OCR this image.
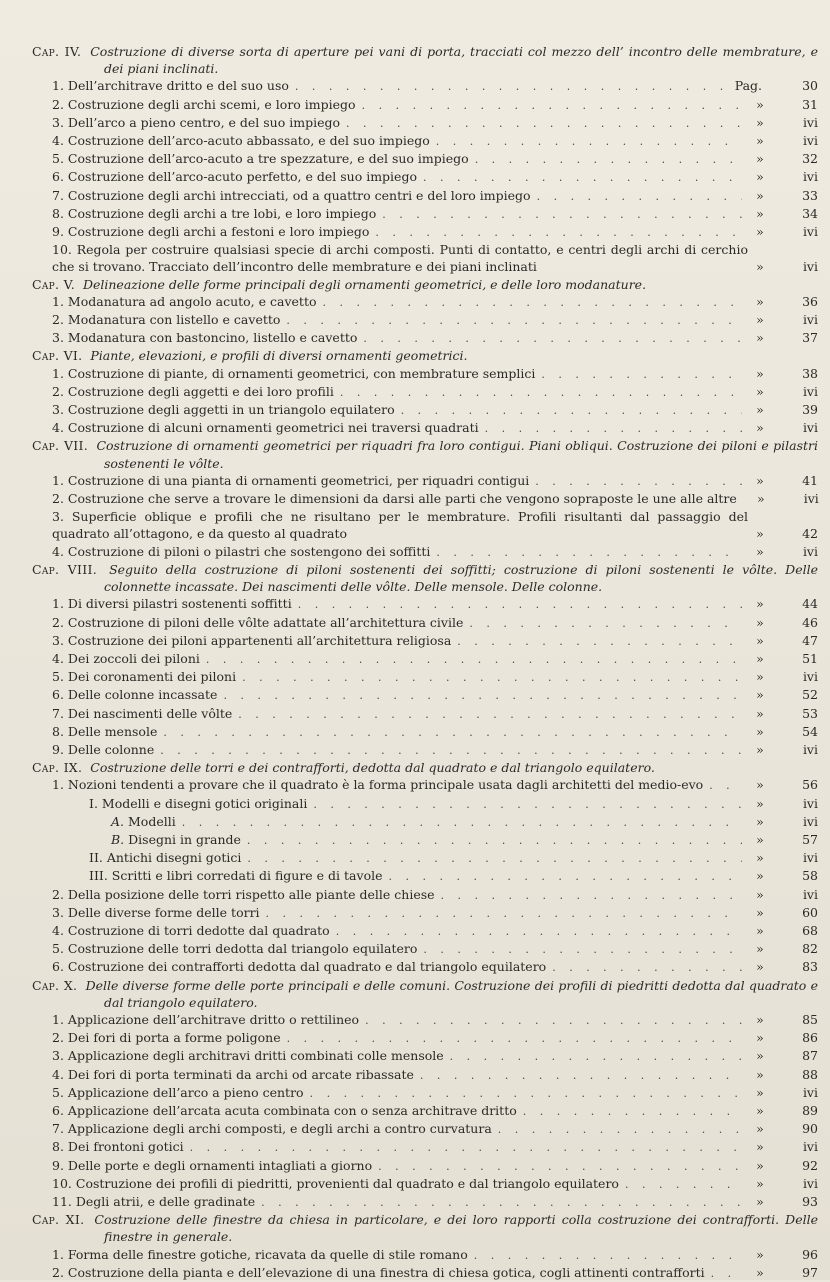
Cap. IV. Costruzione di diverse sorta di aperture pei vani di porta, tracciati col mezzo dell’ incontro delle membrature, e dei piani inclinati.

1. Dell’architrave dritto e del suo uso . . .	Pag.	30
2. Costruzione degli archi scemi, e loro impiego . . .	»	31
3. Dell’arco a pieno centro, e del suo impiego . . .	»	ivi
4. Costruzione dell’arco-acuto abbassato, e del suo impiego . . .	»	ivi
5. Costruzione dell’arco-acuto a tre spezzature, e del suo impiego . . .	»	32
6. Costruzione dell’arco-acuto perfetto, e del suo impiego . . .	»	ivi
7. Costruzione degli archi intrecciati, od a quattro centri e del loro impiego . . .	»	33
8. Costruzione degli archi a tre lobi, e loro impiego . . .	»	34
9. Costruzione degli archi a festoni e loro impiego . . .	»	ivi
10. Regola per costruire qualsiasi specie di archi composti. Punti di contatto, e centri degli archi di cerchio che si trovano. Tracciato dell’incontro delle membrature e dei piani inclinati	»	ivi

Cap. V. Delineazione delle forme principali degli ornamenti geometrici, e delle loro modanature.

1. Modanatura ad angolo acuto, e cavetto . . .	»	36
2. Modanatura con listello e cavetto . . .	»	ivi
3. Modanatura con bastoncino, listello e cavetto . . .	»	37

Cap. VI. Piante, elevazioni, e profili di diversi ornamenti geometrici.

1. Costruzione di piante, di ornamenti geometrici, con membrature semplici . . .	»	38
2. Costruzione degli aggetti e dei loro profili . . .	»	ivi
3. Costruzione degli aggetti in un triangolo equilatero . . .	»	39
4. Costruzione di alcuni ornamenti geometrici nei traversi quadrati . . .	»	ivi

Cap. VII. Costruzione di ornamenti geometrici per riquadri fra loro contigui. Piani obliqui. Costruzione dei piloni e pilastri sostenenti le vôlte.

1. Costruzione di una pianta di ornamenti geometrici, per riquadri contigui . . .	»	41
2. Costruzione che serve a trovare le dimensioni da darsi alle parti che vengono sopraposte le une alle altre	»	ivi
3. Superficie oblique e profili che ne risultano per le membrature. Profili risultanti dal passaggio del quadrato all’ottagono, e da questo al quadrato	»	42
4. Costruzione di piloni o pilastri che sostengono dei soffitti . . .	»	ivi

Cap. VIII. Seguito della costruzione di piloni sostenenti dei soffitti; costruzione di piloni sostenenti le vôlte. Delle colonnette incassate. Dei nascimenti delle vôlte. Delle mensole. Delle colonne.

1. Di diversi pilastri sostenenti soffitti . . .	»	44
2. Costruzione di piloni delle vôlte adattate all’architettura civile . . .	»	46
3. Costruzione dei piloni appartenenti all’architettura religiosa . . .	»	47
4. Dei zoccoli dei piloni . . .	»	51
5. Dei coronamenti dei piloni . . .	»	ivi
6. Delle colonne incassate . . .	»	52
7. Dei nascimenti delle vôlte . . .	»	53
8. Delle mensole . . .	»	54
9. Delle colonne . . .	»	ivi

Cap. IX. Costruzione delle torri e dei contrafforti, dedotta dal quadrato e dal triangolo equilatero.

1. Nozioni tendenti a provare che il quadrato è la forma principale usata dagli architetti del medio-evo . . .	»	56
I. Modelli e disegni gotici originali . . .	»	ivi
A. Modelli . . .	»	ivi
B. Disegni in grande . . .	»	57
II. Antichi disegni gotici . . .	»	ivi
III. Scritti e libri corredati di figure e di tavole . . .	»	58
2. Della posizione delle torri rispetto alle piante delle chiese . . .	»	ivi
3. Delle diverse forme delle torri . . .	»	60
4. Costruzione di torri dedotte dal quadrato . . .	»	68
5. Costruzione delle torri dedotta dal triangolo equilatero . . .	»	82
6. Costruzione dei contrafforti dedotta dal quadrato e dal triangolo equilatero . . .	»	83

Cap. X. Delle diverse forme delle porte principali e delle comuni. Costruzione dei profili di piedritti dedotta dal quadrato e dal triangolo equilatero.

1. Applicazione dell’architrave dritto o rettilineo . . .	»	85
2. Dei fori di porta a forme poligone . . .	»	86
3. Applicazione degli architravi dritti combinati colle mensole . . .	»	87
4. Dei fori di porta terminati da archi od arcate ribassate . . .	»	88
5. Applicazione dell’arco a pieno centro . . .	»	ivi
6. Applicazione dell’arcata acuta combinata con o senza architrave dritto . . .	»	89
7. Applicazione degli archi composti, e degli archi a contro curvatura . . .	»	90
8. Dei frontoni gotici . . .	»	ivi
9. Delle porte e degli ornamenti intagliati a giorno . . .	»	92
10. Costruzione dei profili di piedritti, provenienti dal quadrato e dal triangolo equilatero . . .	»	ivi
11. Degli atrii, e delle gradinate . . .	»	93

Cap. XI. Costruzione delle finestre da chiesa in particolare, e dei loro rapporti colla costruzione dei contrafforti. Delle finestre in generale.

1. Forma delle finestre gotiche, ricavata da quelle di stile romano . . .	»	96
2. Costruzione della pianta e dell’elevazione di una finestra di chiesa gotica, cogli attinenti contrafforti . . .	»	97
